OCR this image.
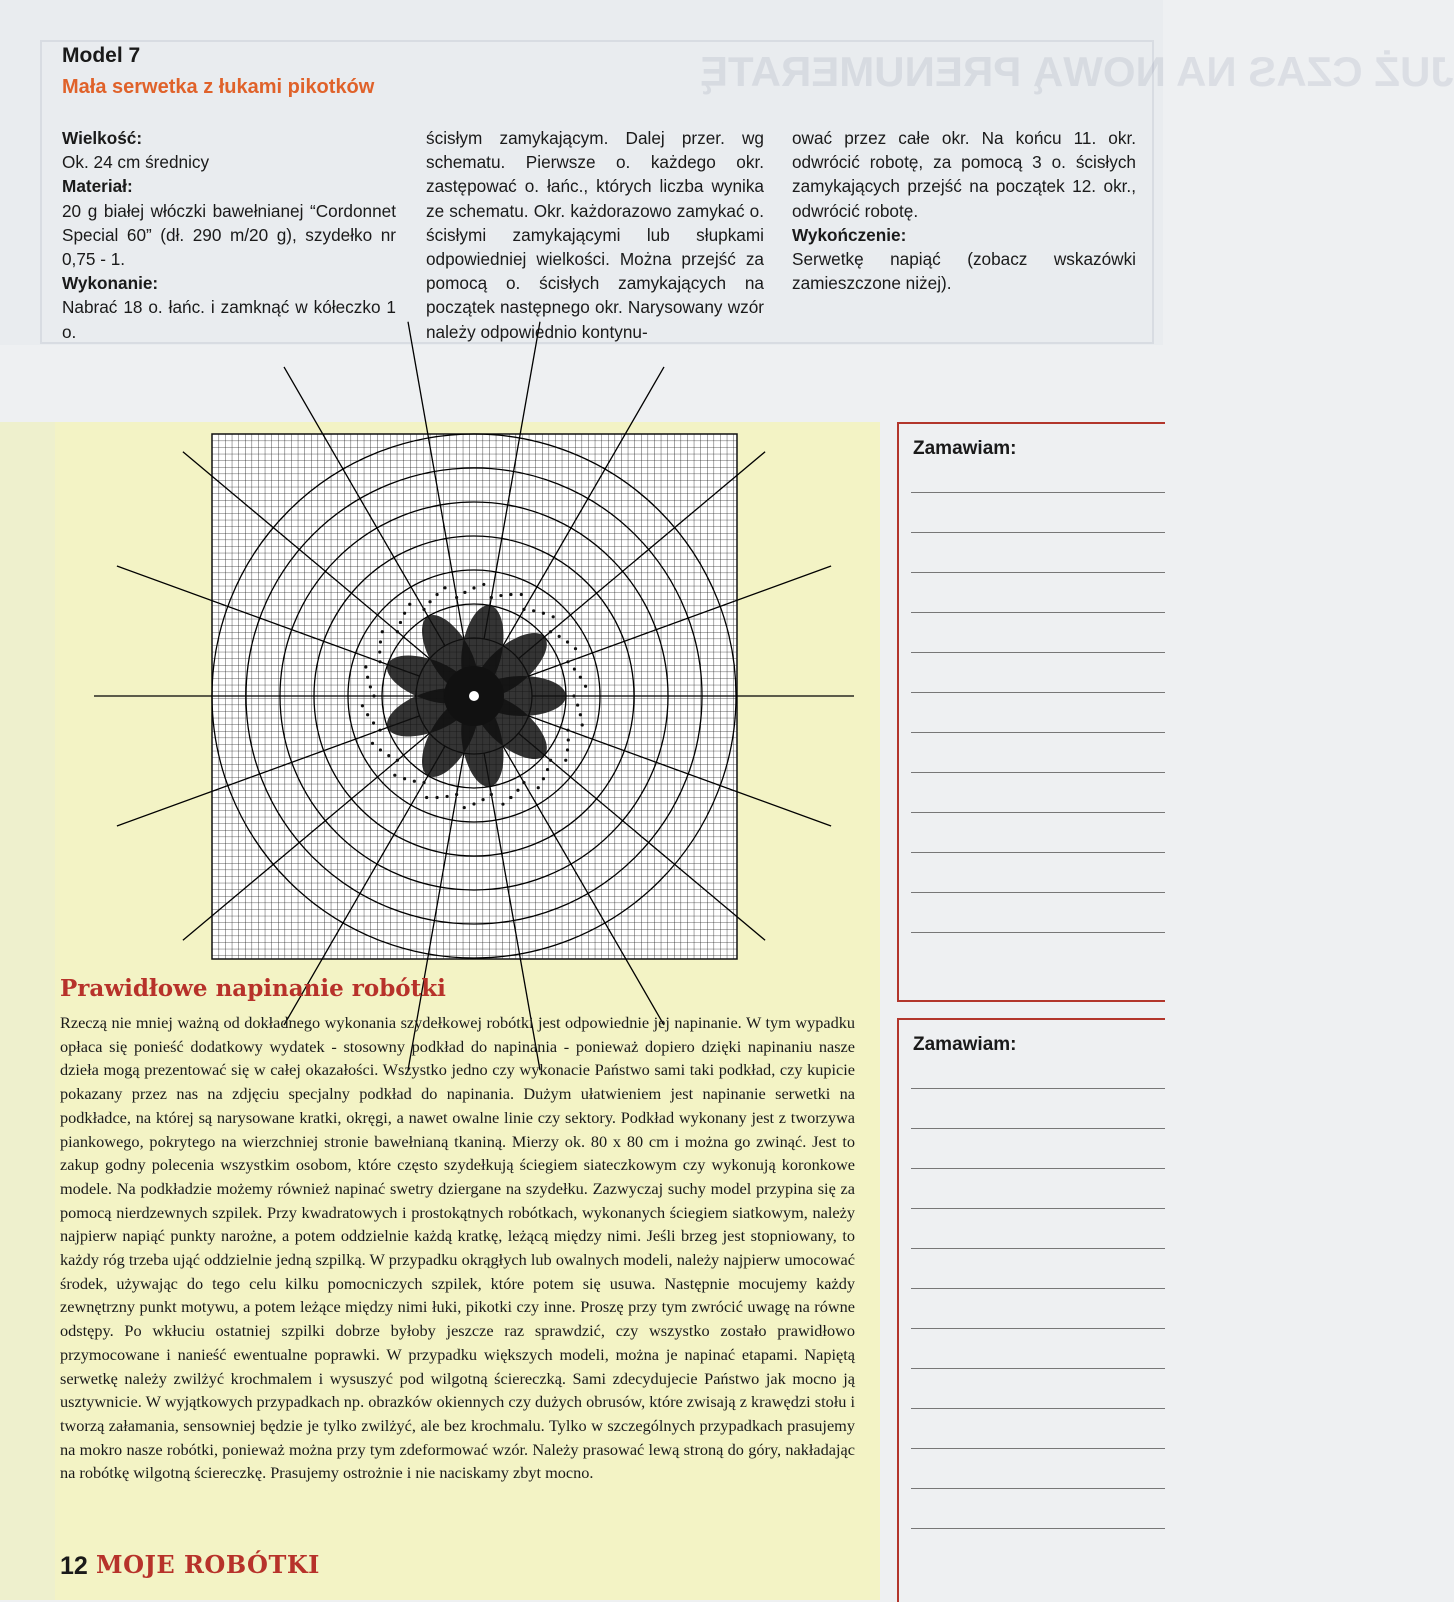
JUŻ CZAS NA NOWĄ PRENUMERATĘ
Model 7
Mała serwetka z łukami pikotków
Wielkość:

Ok. 24 cm średnicy

Materiał:

20 g białej włóczki bawełnianej “Cordonnet Special 60” (dł. 290 m/20 g), szydełko nr 0,75 - 1.

Wykonanie:

Nabrać 18 o. łańc. i zamknąć w kółeczko 1 o.

ścisłym zamykającym. Dalej przer. wg schematu. Pierwsze o. każdego okr. zastępować o. łańc., których liczba wynika ze schematu. Okr. każdorazowo zamykać o. ścisłymi zamykającymi lub słupkami odpowiedniej wielkości. Można przejść za pomocą o. ścisłych zamykających na początek następnego okr. Narysowany wzór należy odpowiednio kontynu-

ować przez całe okr. Na końcu 11. okr. odwrócić robotę, za pomocą 3 o. ścisłych zamykających przejść na początek 12. okr., odwrócić robotę.

Wykończenie:

Serwetkę napiąć (zobacz wskazówki zamieszczone niżej).

Prawidłowe napinanie robótki

Rzeczą nie mniej ważną od dokładnego wykonania szydełkowej robótki jest odpowiednie jej napinanie. W tym wypadku opłaca się ponieść dodatkowy wydatek - stosowny podkład do napinania - ponieważ dopiero dzięki napinaniu nasze dzieła mogą prezentować się w całej okazałości. Wszystko jedno czy wykonacie Państwo sami taki podkład, czy kupicie pokazany przez nas na zdjęciu specjalny podkład do napinania. Dużym ułatwieniem jest napinanie serwetki na podkładce, na której są narysowane kratki, okręgi, a nawet owalne linie czy sektory. Podkład wykonany jest z tworzywa piankowego, pokrytego na wierzchniej stronie bawełnianą tkaniną. Mierzy ok. 80 x 80 cm i można go zwinąć. Jest to zakup godny polecenia wszystkim osobom, które często szydełkują ściegiem siateczkowym czy wykonują koronkowe modele. Na podkładzie możemy również napinać swetry dziergane na szydełku. Zazwyczaj suchy model przypina się za pomocą nierdzewnych szpilek. Przy kwadratowych i prostokątnych robótkach, wykonanych ściegiem siatkowym, należy najpierw napiąć punkty narożne, a potem oddzielnie każdą kratkę, leżącą między nimi. Jeśli brzeg jest stopniowany, to każdy róg trzeba ująć oddzielnie jedną szpilką. W przypadku okrągłych lub owalnych modeli, należy najpierw umocować środek, używając do tego celu kilku pomocniczych szpilek, które potem się usuwa. Następnie mocujemy każdy zewnętrzny punkt motywu, a potem leżące między nimi łuki, pikotki czy inne. Proszę przy tym zwrócić uwagę na równe odstępy. Po wkłuciu ostatniej szpilki dobrze byłoby jeszcze raz sprawdzić, czy wszystko zostało prawidłowo przymocowane i nanieść ewentualne poprawki. W przypadku większych modeli, można je napinać etapami. Napiętą serwetkę należy zwilżyć krochmalem i wysuszyć pod wilgotną ściereczką. Sami zdecydujecie Państwo jak mocno ją usztywnicie. W wyjątkowych przypadkach np. obrazków okiennych czy dużych obrusów, które zwisają z krawędzi stołu i tworzą załamania, sensowniej będzie je tylko zwilżyć, ale bez krochmalu. Tylko w szczególnych przypadkach prasujemy na mokro nasze robótki, ponieważ można przy tym zdeformować wzór. Należy prasować lewą stroną do góry, nakładając na robótkę wilgotną ściereczkę. Prasujemy ostrożnie i nie naciskamy zbyt mocno.

Zamawiam:
Zamawiam:
12 MOJE ROBÓTKI
